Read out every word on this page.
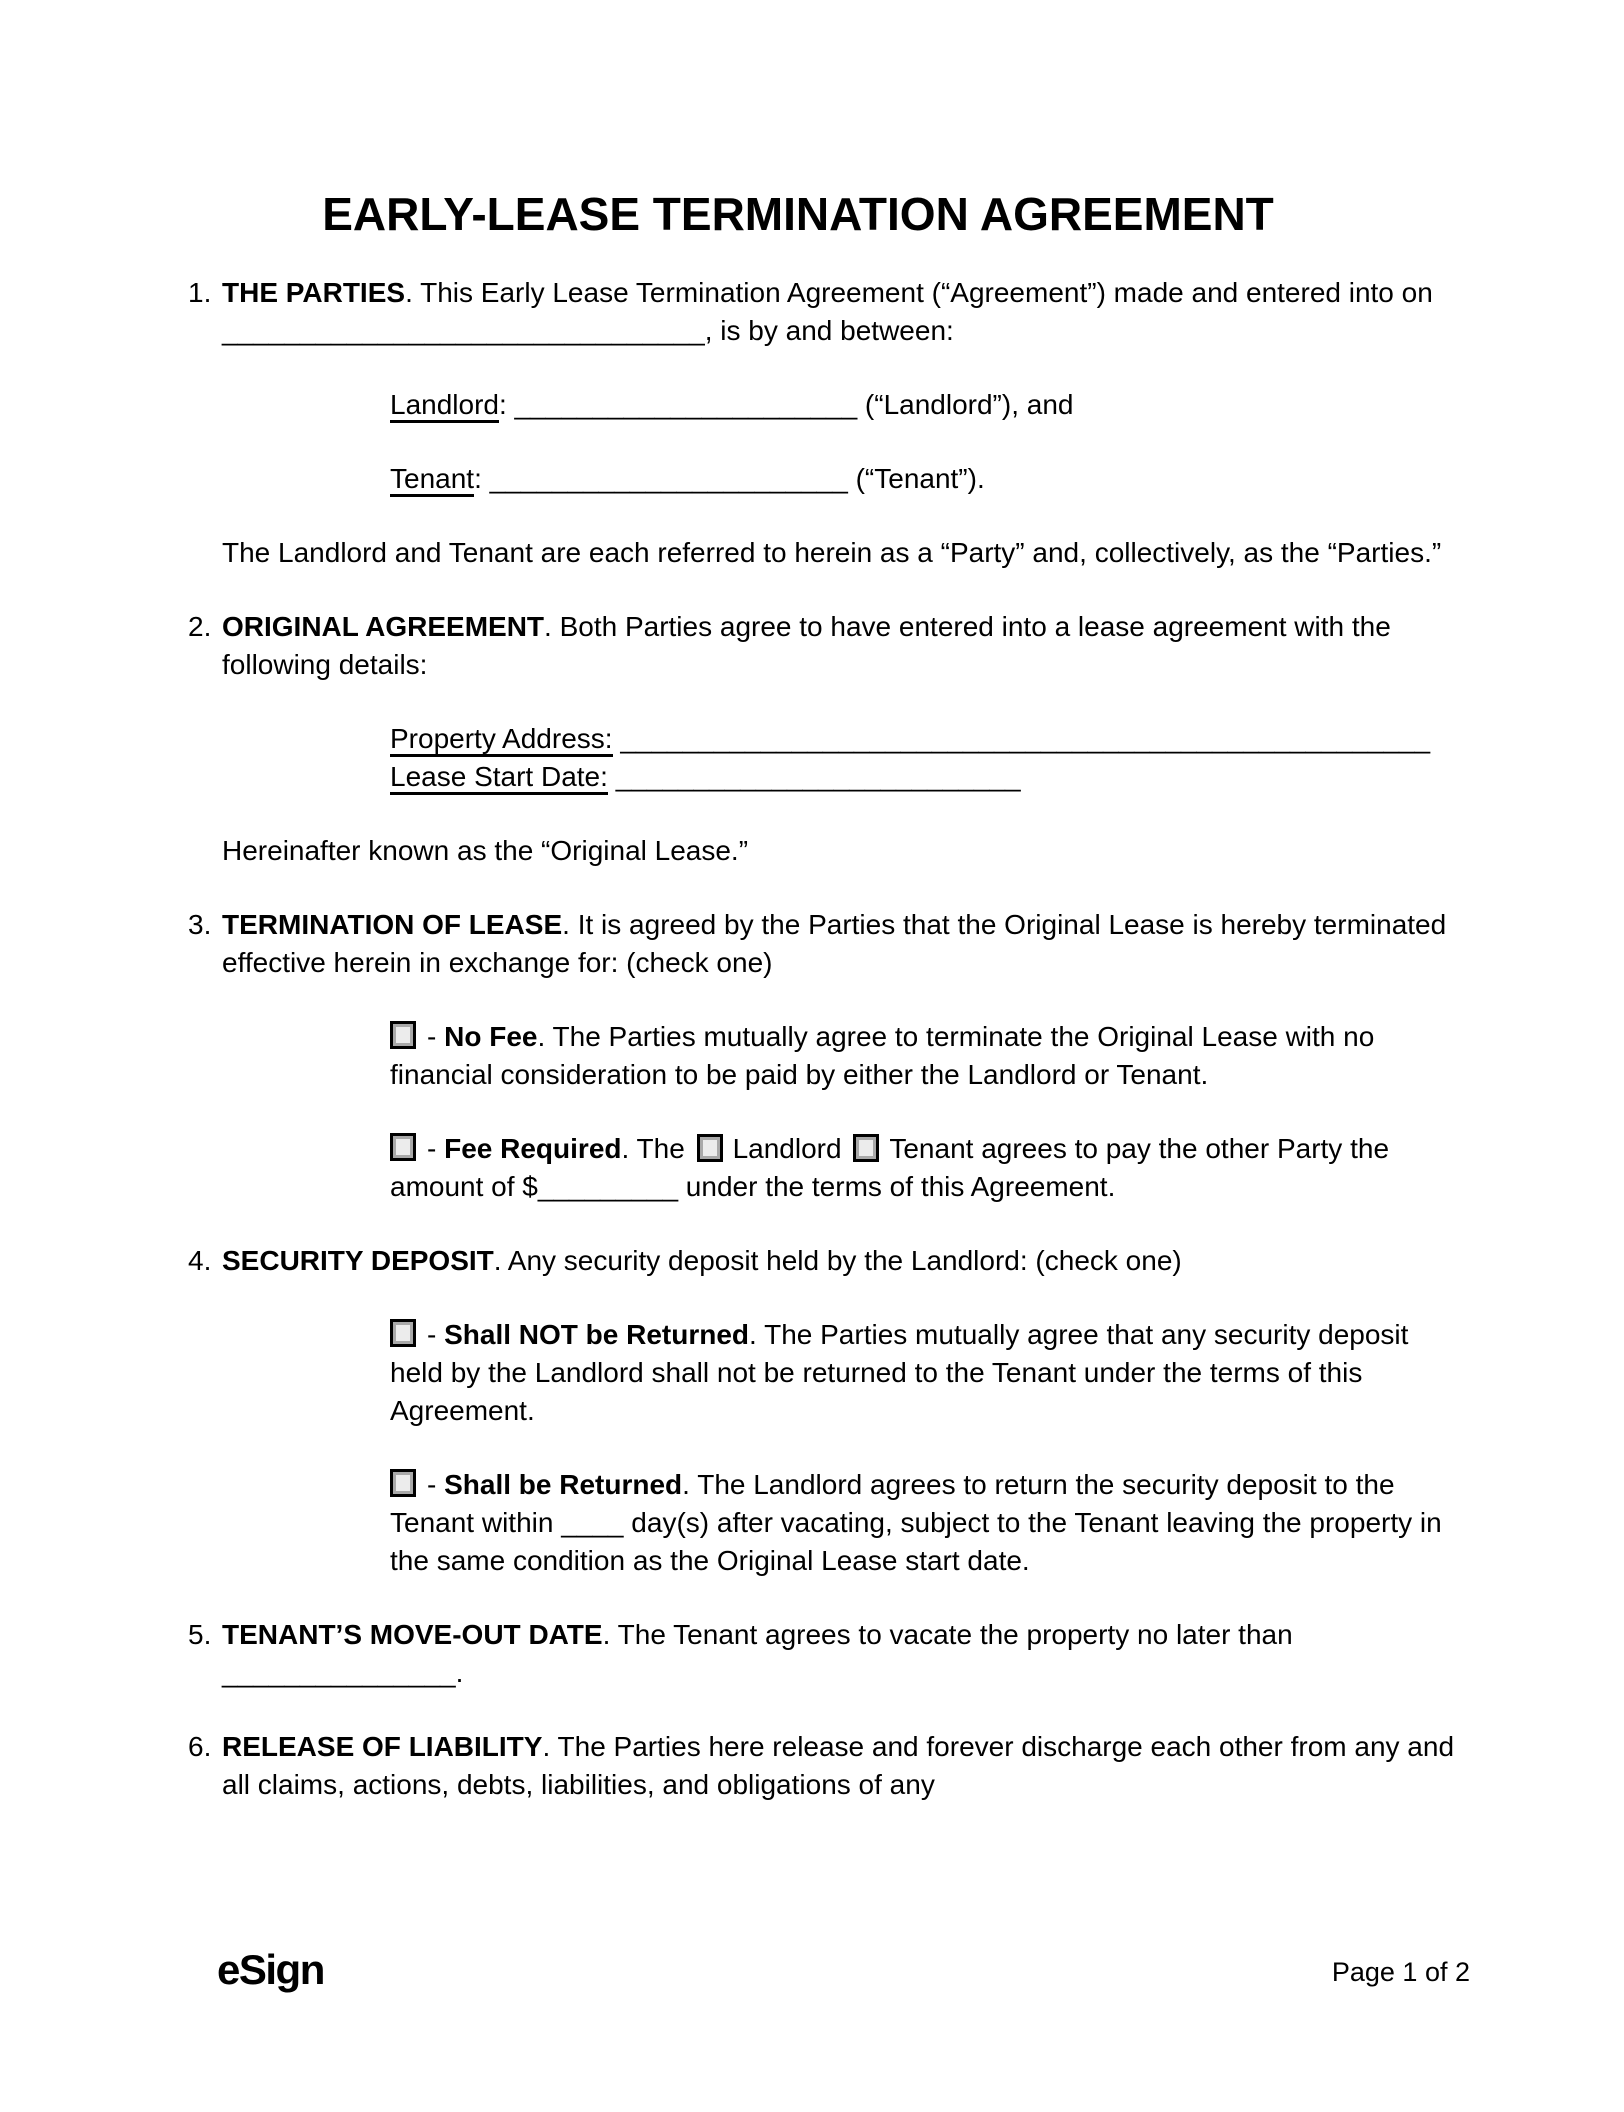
EARLY-LEASE TERMINATION AGREEMENT
1. THE PARTIES. This Early Lease Termination Agreement (“Agreement”) made and entered into on _______________________________, is by and between:
Landlord: ______________________ (“Landlord”), and
Tenant: _______________________ (“Tenant”).
The Landlord and Tenant are each referred to herein as a “Party” and, collectively, as the “Parties.”
2. ORIGINAL AGREEMENT. Both Parties agree to have entered into a lease agreement with the following details:
Property Address: ____________________________________________________
Lease Start Date: __________________________
Hereinafter known as the “Original Lease.”
3. TERMINATION OF LEASE. It is agreed by the Parties that the Original Lease is hereby terminated effective herein in exchange for: (check one)
- No Fee. The Parties mutually agree to terminate the Original Lease with no financial consideration to be paid by either the Landlord or Tenant.
- Fee Required. The Landlord Tenant agrees to pay the other Party the amount of $_________ under the terms of this Agreement.
4. SECURITY DEPOSIT. Any security deposit held by the Landlord: (check one)
- Shall NOT be Returned. The Parties mutually agree that any security deposit held by the Landlord shall not be returned to the Tenant under the terms of this Agreement.
- Shall be Returned. The Landlord agrees to return the security deposit to the Tenant within ____ day(s) after vacating, subject to the Tenant leaving the property in the same condition as the Original Lease start date.
5. TENANT’S MOVE-OUT DATE. The Tenant agrees to vacate the property no later than _______________.
6. RELEASE OF LIABILITY. The Parties here release and forever discharge each other from any and all claims, actions, debts, liabilities, and obligations of any
eSign	Page 1 of 2
